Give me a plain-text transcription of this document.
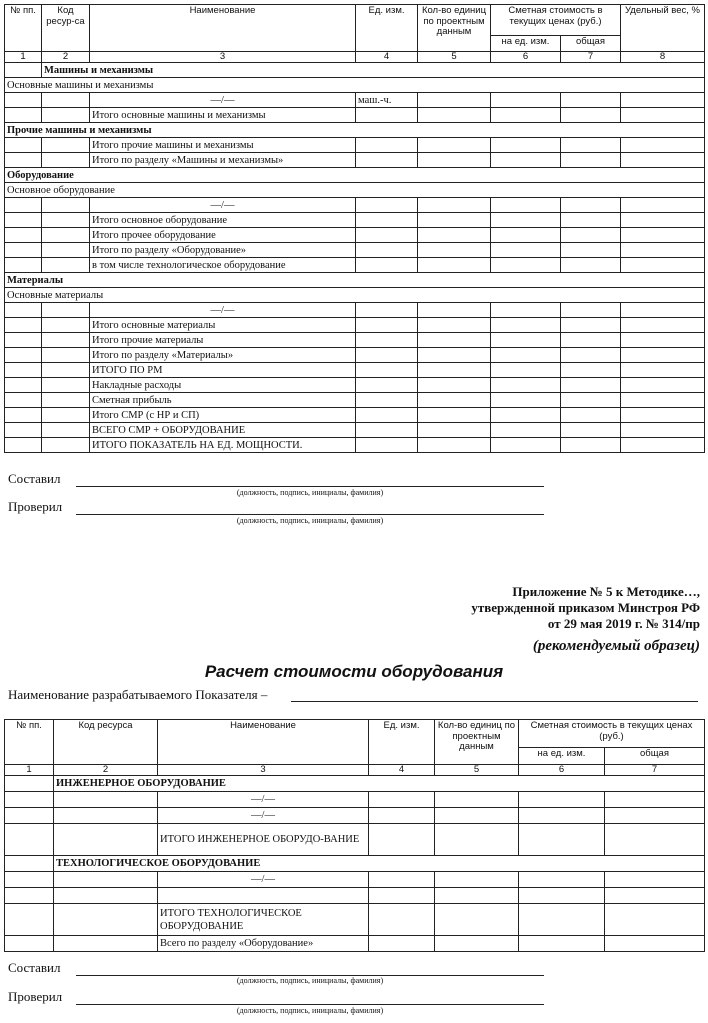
№ пп.	Код ресур-са	Наименование	Ед. изм.	Кол-во единиц по проектным данным	Сметная стоимость в текущих ценах (руб.)		Удельный вес, %
					на ед. изм.	общая	
1	2	3	4	5	6	7	8
	Машины и механизмы						
Основные машины и механизмы							
		—/—	маш.-ч.				
		Итого основные машины и механизмы					
Прочие машины и механизмы							
		Итого прочие машины и механизмы					
		Итого по разделу «Машины и механизмы»					
Оборудование							
Основное оборудование							
		—/—					
		Итого основное оборудование					
		Итого прочее оборудование					
		Итого по разделу «Оборудование»					
		в том числе технологическое оборудование					
Материалы							
Основные материалы							
		—/—					
		Итого основные материалы					
		Итого прочие материалы					
		Итого по разделу «Материалы»					
		ИТОГО ПО РМ					
		Накладные расходы					
		Сметная прибыль					
		Итого СМР (с НР и СП)					
		ВСЕГО СМР + ОБОРУДОВАНИЕ					
		ИТОГО ПОКАЗАТЕЛЬ НА ЕД. МОЩНОСТИ.					
Составил
(должность, подпись, инициалы, фамилия)
Проверил
(должность, подпись, инициалы, фамилия)
Приложение № 5 к Методике…,
утвержденной приказом Минстроя РФ
от 29 мая 2019 г. № 314/пр
(рекомендуемый образец)
Расчет стоимости оборудования
Наименование разрабатываемого Показателя –
№ пп.	Код ресурса	Наименование	Ед. изм.	Кол-во единиц по проектным данным	Сметная стоимость в текущих ценах (руб.)	
					на ед. изм.	общая
1	2	3	4	5	6	7
	ИНЖЕНЕРНОЕ ОБОРУДОВАНИЕ					
		—/—				
		—/—				
		ИТОГО ИНЖЕНЕРНОЕ ОБОРУДО-ВАНИЕ				
	ТЕХНОЛОГИЧЕСКОЕ ОБОРУДОВАНИЕ					
		—/—				

		ИТОГО ТЕХНОЛОГИЧЕСКОЕ ОБОРУДОВАНИЕ				
		Всего по разделу «Оборудование»				
Составил
(должность, подпись, инициалы, фамилия)
Проверил
(должность, подпись, инициалы, фамилия)
